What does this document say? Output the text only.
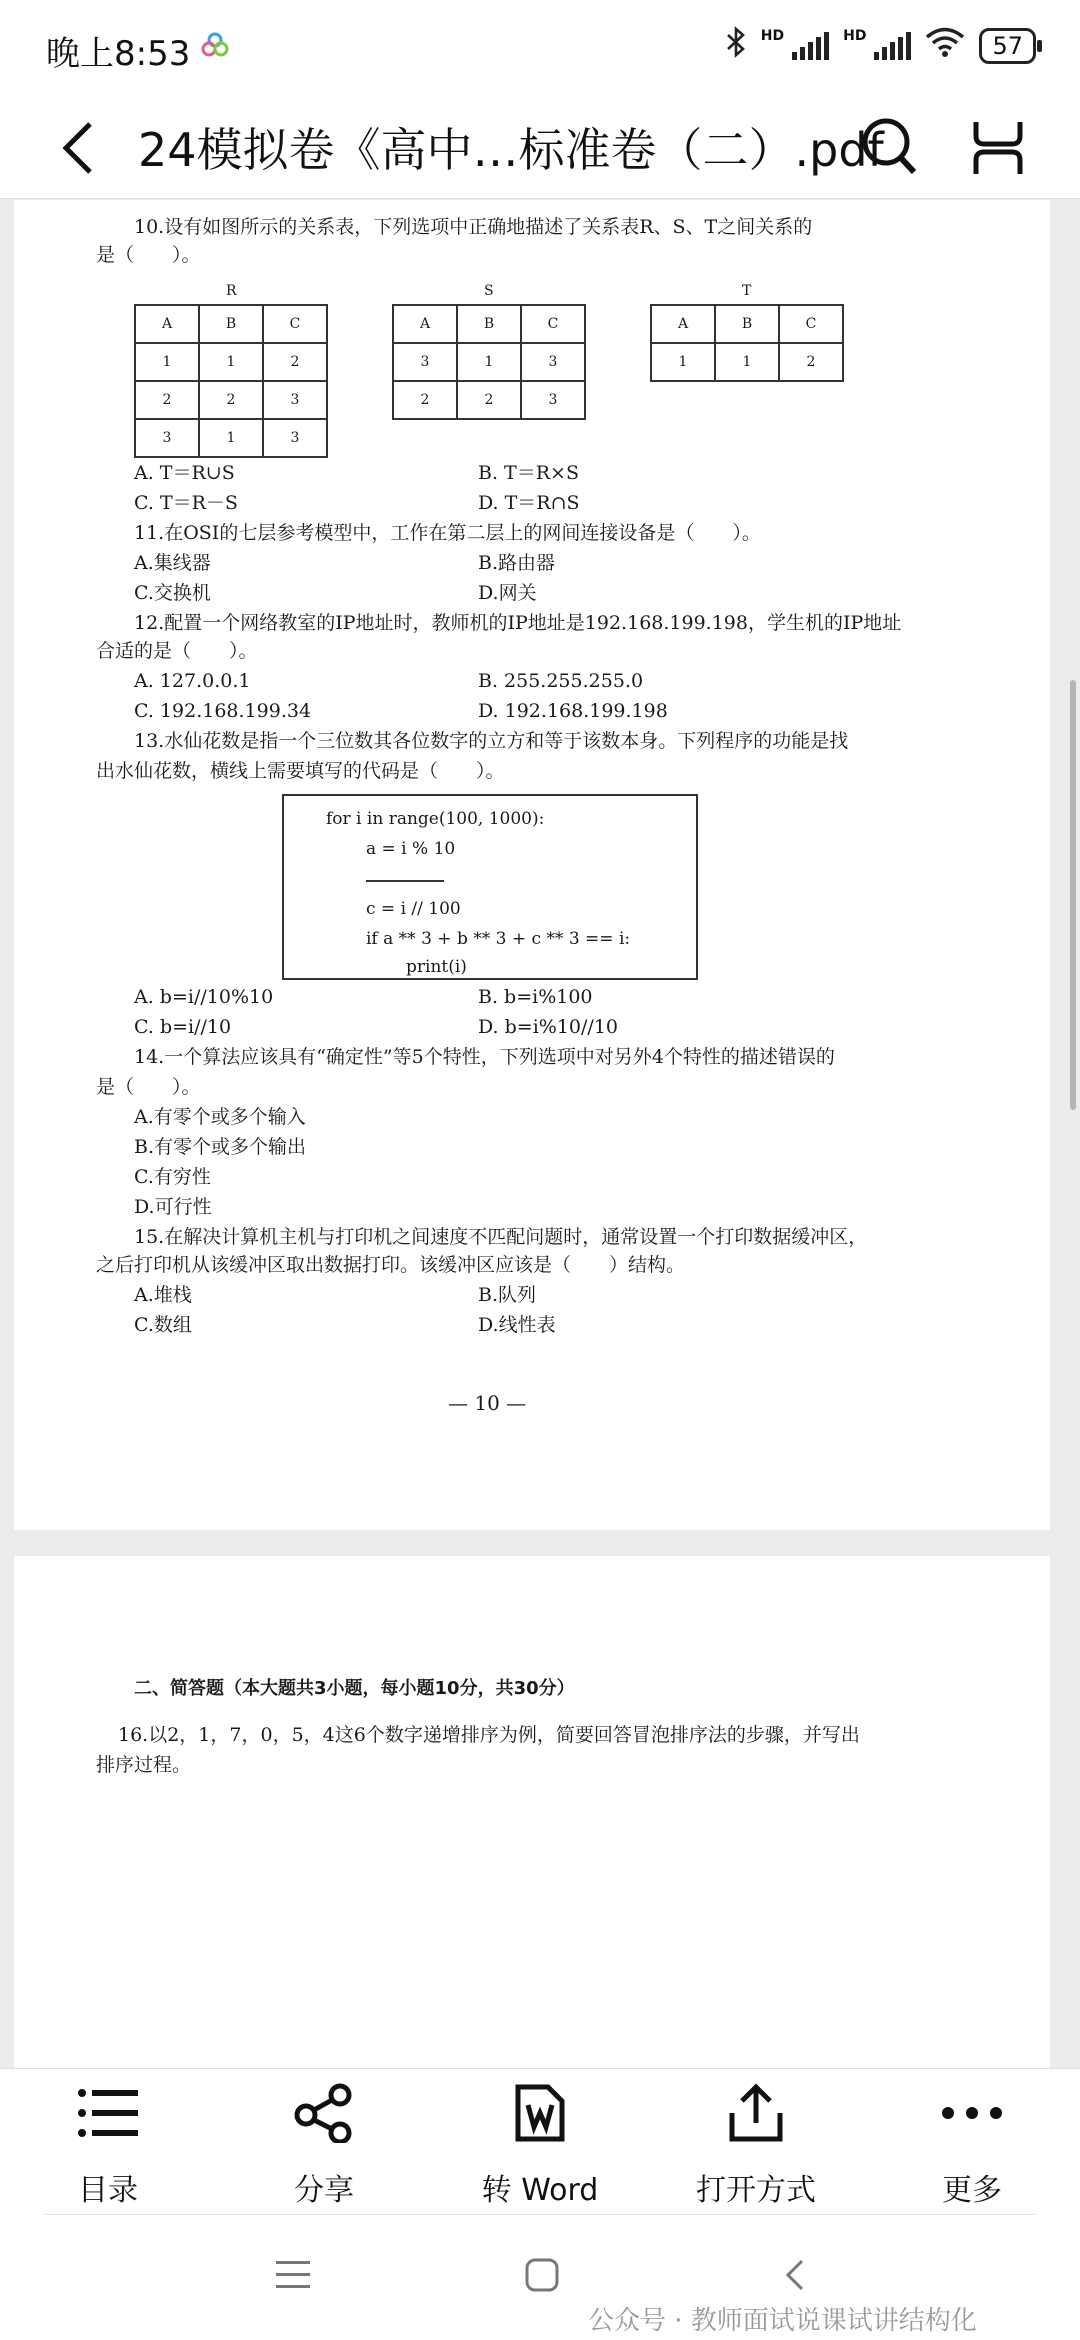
晚上8:53	HD	HD	57
24模拟卷《高中…标准卷（二）.pdf
10.设有如图所示的关系表，下列选项中正确地描述了关系表R、S、T之间关系的
是（　　）。
R	S	T
A	B	C
1	1	2
2	2	3
3	1	3
A	B	C
3	1	3
2	2	3
A	B	C
1	1	2
A. T＝R∪S	B. T＝R×S
C. T＝R－S	D. T＝R∩S
11.在OSI的七层参考模型中，工作在第二层上的网间连接设备是（　　）。
A.集线器	B.路由器
C.交换机	D.网关
12.配置一个网络教室的IP地址时，教师机的IP地址是192.168.199.198，学生机的IP地址
合适的是（　　）。
A. 127.0.0.1	B. 255.255.255.0
C. 192.168.199.34	D. 192.168.199.198
13.水仙花数是指一个三位数其各位数字的立方和等于该数本身。下列程序的功能是找
出水仙花数，横线上需要填写的代码是（　　）。
for i in range(100, 1000):
a = i % 10
c = i // 100
if a ** 3 + b ** 3 + c ** 3 == i:
print(i)
A. b=i//10%10	B. b=i%100
C. b=i//10	D. b=i%10//10
14.一个算法应该具有“确定性”等5个特性，下列选项中对另外4个特性的描述错误的
是（　　）。
A.有零个或多个输入
B.有零个或多个输出
C.有穷性
D.可行性
15.在解决计算机主机与打印机之间速度不匹配问题时，通常设置一个打印数据缓冲区，
之后打印机从该缓冲区取出数据打印。该缓冲区应该是（　　）结构。
A.堆栈	B.队列
C.数组	D.线性表
— 10 —
二、简答题（本大题共3小题，每小题10分，共30分）
16.以2，1，7，0，5，4这6个数字递增排序为例，简要回答冒泡排序法的步骤，并写出
排序过程。
目录	分享	转 Word	打开方式	更多
公众号 · 教师面试说课试讲结构化
